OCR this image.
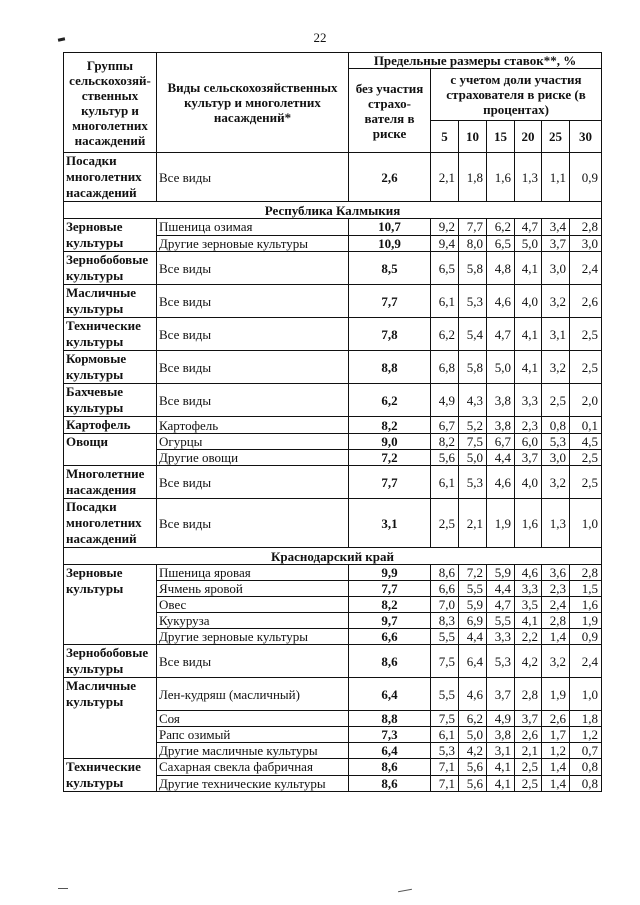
22
Группы сельскохозяй-ственных культур и многолетних насаждений	Виды сельскохозяйственных культур и многолетних насаждений*	Предельные размеры ставок**, %						
		без участия страхо-вателя в риске	с учетом доли участия страхователя в риске (в процентах)					
			5	10	15	20	25	30
Посадки многолетних насаждений	Все виды	2,6	2,1	1,8	1,6	1,3	1,1	0,9
Республика Калмыкия								
Зерновые культуры	Пшеница озимая	10,7	9,2	7,7	6,2	4,7	3,4	2,8
	Другие зерновые культуры	10,9	9,4	8,0	6,5	5,0	3,7	3,0
Зернобобовые культуры	Все виды	8,5	6,5	5,8	4,8	4,1	3,0	2,4
Масличные культуры	Все виды	7,7	6,1	5,3	4,6	4,0	3,2	2,6
Технические культуры	Все виды	7,8	6,2	5,4	4,7	4,1	3,1	2,5
Кормовые культуры	Все виды	8,8	6,8	5,8	5,0	4,1	3,2	2,5
Бахчевые культуры	Все виды	6,2	4,9	4,3	3,8	3,3	2,5	2,0
Картофель	Картофель	8,2	6,7	5,2	3,8	2,3	0,8	0,1
Овощи	Огурцы	9,0	8,2	7,5	6,7	6,0	5,3	4,5
	Другие овощи	7,2	5,6	5,0	4,4	3,7	3,0	2,5
Многолетние насаждения	Все виды	7,7	6,1	5,3	4,6	4,0	3,2	2,5
Посадки многолетних насаждений	Все виды	3,1	2,5	2,1	1,9	1,6	1,3	1,0
Краснодарский край								
Зерновые культуры	Пшеница яровая	9,9	8,6	7,2	5,9	4,6	3,6	2,8
	Ячмень яровой	7,7	6,6	5,5	4,4	3,3	2,3	1,5
	Овес	8,2	7,0	5,9	4,7	3,5	2,4	1,6
	Кукуруза	9,7	8,3	6,9	5,5	4,1	2,8	1,9
	Другие зерновые культуры	6,6	5,5	4,4	3,3	2,2	1,4	0,9
Зернобобовые культуры	Все виды	8,6	7,5	6,4	5,3	4,2	3,2	2,4
Масличные культуры	Лен-кудряш (масличный)	6,4	5,5	4,6	3,7	2,8	1,9	1,0
	Соя	8,8	7,5	6,2	4,9	3,7	2,6	1,8
	Рапс озимый	7,3	6,1	5,0	3,8	2,6	1,7	1,2
	Другие масличные культуры	6,4	5,3	4,2	3,1	2,1	1,2	0,7
Технические культуры	Сахарная свекла фабричная	8,6	7,1	5,6	4,1	2,5	1,4	0,8
	Другие технические культуры	8,6	7,1	5,6	4,1	2,5	1,4	0,8
